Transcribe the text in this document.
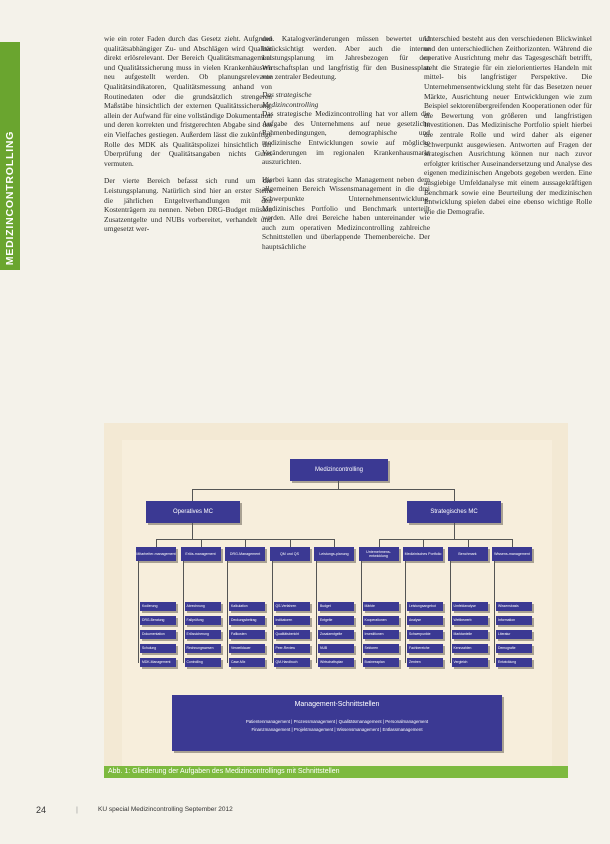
MEDIZINCONTROLLING

wie ein roter Faden durch das Gesetz zieht. Aufgrund qualitätsabhängiger Zu- und Abschlägen wird Qualität direkt erlösrelevant. Der Bereich Qualitätsmanagement und Qualitätssicherung muss in vielen Krankenhäusern neu aufgestellt werden. Ob planungsrelevante Qualitätsindikatoren, Qualitätsmessung anhand von Routinedaten oder die grundsätzlich strengeren Maßstäbe hinsichtlich der externen Qualitätssicherung, allein der Aufwand für eine vollständige Dokumentation und deren korrekten und fristgerechten Abgabe sind um ein Vielfaches gestiegen. Außerdem lässt die zukünftige Rolle des MDK als Qualitätspolizei hinsichtlich der Überprüfung der Qualitätsangaben nichts Gutes vermuten.

Der vierte Bereich befasst sich rund um die Leistungsplanung. Natürlich sind hier an erster Stelle die jährlichen Entgeltverhandlungen mit den Kostenträgern zu nennen. Neben DRG-Budget müssen Zusatzentgelte und NUBs vorbereitet, verhandelt und umgesetzt wer-

den. Katalogveränderungen müssen bewertet und berücksichtigt werden. Aber auch die interne Leistungsplanung im Jahresbezogen für den Wirtschaftsplan und langfristig für den Businessplan von zentraler Bedeutung.

Das strategische

Medizincontrolling

Das strategische Medizincontrolling hat vor allem die Aufgabe des Unternehmens auf neue gesetzliche Rahmenbedingungen, demographische und medizinische Entwicklungen sowie auf mögliche Veränderungen im regionalen Krankenhausmarkt auszurichten.

Hierbei kann das strategische Management neben dem allgemeinen Bereich Wissensmanagement in die drei Schwerpunkte Unternehmensentwicklung, Medizinisches Portfolio und Benchmark unterteilt werden. Alle drei Bereiche haben untereinander wie auch zum operativen Medizincontrolling zahlreiche Schnittstellen und überlappende Themenbereiche. Der hauptsächliche

Unterschied besteht aus den verschiedenen Blickwinkel und den unterschiedlichen Zeithorizonten. Während die operative Ausrichtung mehr das Tagesgeschäft betrifft, steht die Strategie für ein zielorientiertes Handeln mit mittel- bis langfristiger Perspektive. Die Unternehmensentwicklung steht für das Besetzen neuer Märkte, Ausrichtung neuer Entwicklungen wie zum Beispiel sektorenübergreifenden Kooperationen oder für die Bewertung von größeren und langfristigen Investitionen. Das Medizinische Portfolio spielt hierbei die zentrale Rolle und wird daher als eigener Schwerpunkt ausgewiesen. Antworten auf Fragen der strategischen Ausrichtung können nur nach zuvor erfolgter kritischer Auseinandersetzung und Analyse des eigenen medizinischen Angebots gegeben werden. Eine ausgiebige Umfeldanalyse mit einem aussagekräftigen Benchmark sowie eine Beurteilung der medizinischen Entwicklung spielen dabei eine ebenso wichtige Rolle wie die Demografie.

Medizincontrolling
Operatives MC	Strategisches MC
Management-Schnittstellen
Patientenmanagement | Prozessmanagement | Qualitätsmanagement | Personalmanagement
Finanzmanagement | Projektmanagement | Wissensmanagement | Entlassmanagement
Mitarbeiter-management
Kodierung
DRG-Beratung
Dokumentation
Schulung
MDK-Management
Erlös-management
Abrechnung
Fallprüfung
Erlössicherung
Rechnungswesen
Controlling
DRG-Management
Kalkulation
Deckungsbeitrag
Fallkosten
Verweildauer
Case-Mix
QM und QS
QS-Verfahren
Indikatoren
Qualitätsbericht
Peer-Review
QM-Handbuch
Leistungs-planung
Budget
Entgelte
Zusatzentgelte
NUB
Wirtschaftsplan
Unternehmens-entwicklung
Märkte
Kooperationen
Investitionen
Sektoren
Businessplan
Medizinisches Portfolio
Leistungsangebot
Analyse
Schwerpunkte
Fachbereiche
Zentren
Benchmark
Umfeldanalyse
Wettbewerb
Marktanteile
Kennzahlen
Vergleich
Wissens-management
Wissensbasis
Information
Literatur
Demografie
Entwicklung
Abb. 1: Gliederung der Aufgaben des Medizincontrollings mit Schnittstellen
24	|	KU special Medizincontrolling September 2012
